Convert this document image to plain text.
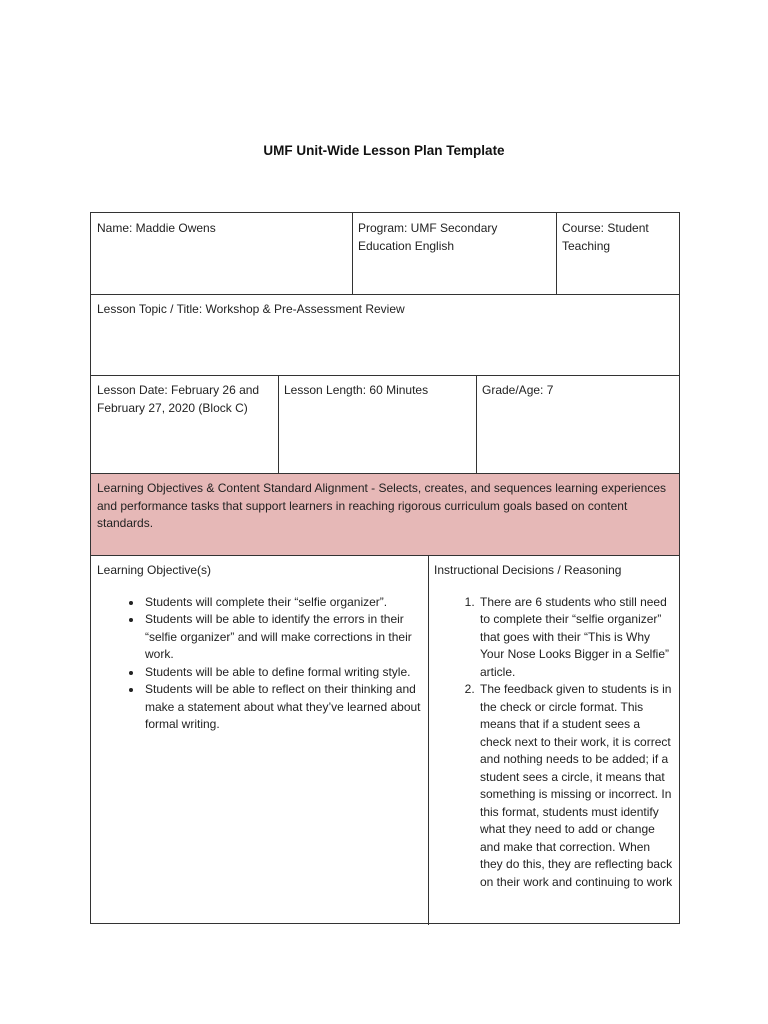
UMF Unit-Wide Lesson Plan Template
Name: Maddie Owens	Program: UMF Secondary Education English
Course: Student Teaching
Lesson Topic / Title: Workshop & Pre-Assessment Review
Lesson Date: February 26 and February 27, 2020 (Block C)
Lesson Length: 60 Minutes	Grade/Age: 7
Learning Objectives & Content Standard Alignment - Selects, creates, and sequences learning experiences and performance tasks that support learners in reaching rigorous curriculum goals based on content standards.
Learning Objective(s)
• Students will complete their “selfie organizer”.
• Students will be able to identify the errors in their “selfie organizer” and will make corrections in their work.
• Students will be able to define formal writing style.
• Students will be able to reflect on their thinking and make a statement about what they’ve learned about formal writing.
Instructional Decisions / Reasoning
1. There are 6 students who still need to complete their “selfie organizer” that goes with their “This is Why Your Nose Looks Bigger in a Selfie” article.
2. The feedback given to students is in the check or circle format. This means that if a student sees a check next to their work, it is correct and nothing needs to be added; if a student sees a circle, it means that something is missing or incorrect. In this format, students must identify what they need to add or change and make that correction. When they do this, they are reflecting back on their work and continuing to work
